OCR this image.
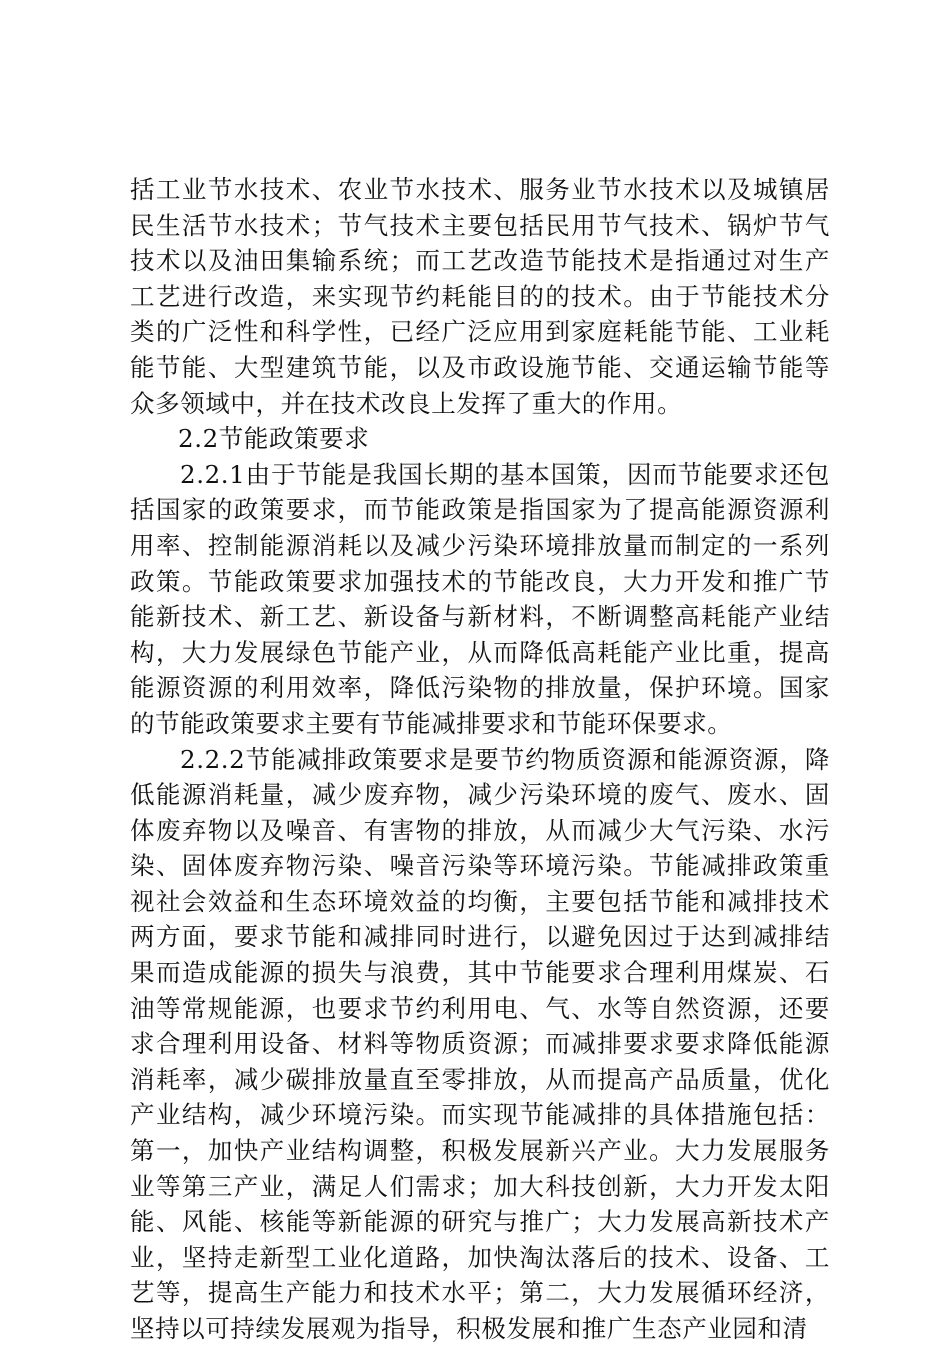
括工业节水技术、农业节水技术、服务业节水技术以及城镇居民生活节水技术；节气技术主要包括民用节气技术、锅炉节气技术以及油田集输系统；而工艺改造节能技术是指通过对生产工艺进行改造，来实现节约耗能目的的技术。由于节能技术分类的广泛性和科学性，已经广泛应用到家庭耗能节能、工业耗能节能、大型建筑节能，以及市政设施节能、交通运输节能等众多领域中，并在技术改良上发挥了重大的作用。

2.2节能政策要求

2.2.1由于节能是我国长期的基本国策，因而节能要求还包括国家的政策要求，而节能政策是指国家为了提高能源资源利用率、控制能源消耗以及减少污染环境排放量而制定的一系列政策。节能政策要求加强技术的节能改良，大力开发和推广节能新技术、新工艺、新设备与新材料，不断调整高耗能产业结构，大力发展绿色节能产业，从而降低高耗能产业比重，提高能源资源的利用效率，降低污染物的排放量，保护环境。国家的节能政策要求主要有节能减排要求和节能环保要求。

2.2.2节能减排政策要求是要节约物质资源和能源资源，降低能源消耗量，减少废弃物，减少污染环境的废气、废水、固体废弃物以及噪音、有害物的排放，从而减少大气污染、水污染、固体废弃物污染、噪音污染等环境污染。节能减排政策重视社会效益和生态环境效益的均衡，主要包括节能和减排技术两方面，要求节能和减排同时进行，以避免因过于达到减排结果而造成能源的损失与浪费，其中节能要求合理利用煤炭、石油等常规能源，也要求节约利用电、气、水等自然资源，还要求合理利用设备、材料等物质资源；而减排要求要求降低能源消耗率，减少碳排放量直至零排放，从而提高产品质量，优化产业结构，减少环境污染。而实现节能减排的具体措施包括：第一，加快产业结构调整，积极发展新兴产业。大力发展服务业等第三产业，满足人们需求；加大科技创新，大力开发太阳能、风能、核能等新能源的研究与推广；大力发展高新技术产业，坚持走新型工业化道路，加快淘汰落后的技术、设备、工艺等，提高生产能力和技术水平；第二，大力发展循环经济，坚持以可持续发展观为指导，积极发展和推广生态产业园和清
